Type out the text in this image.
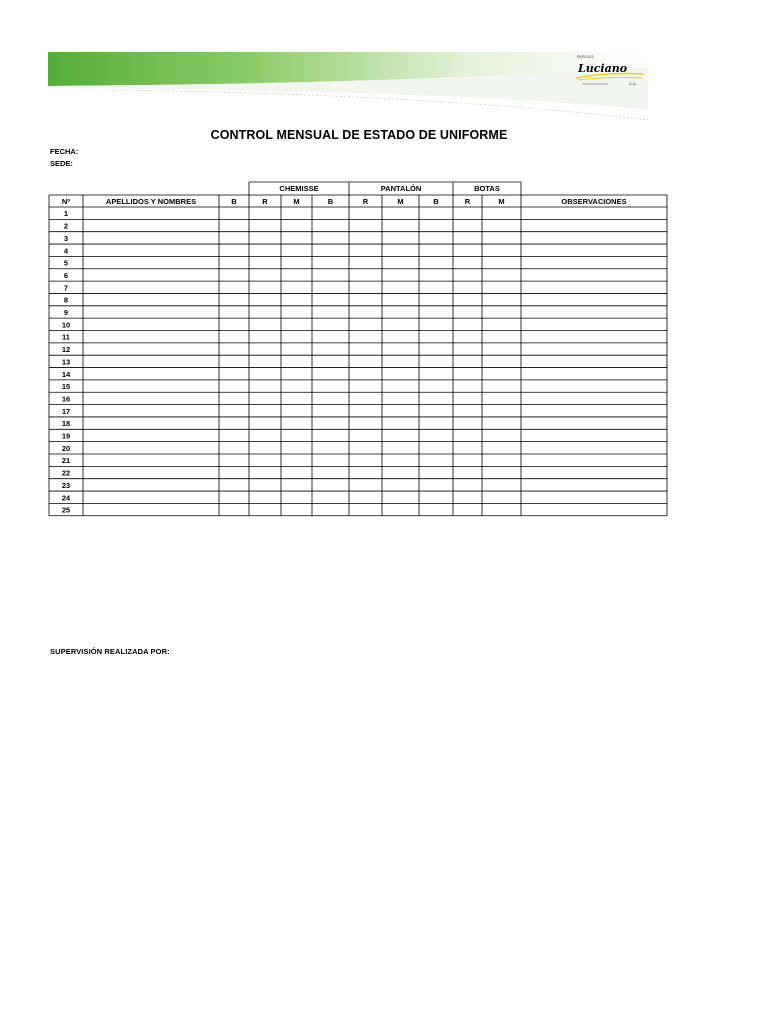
PAPELES
Luciano
C.A.
CONTROL MENSUAL DE ESTADO DE UNIFORME
FECHA:
SEDE:
CHEMISSE	PANTALÓN	BOTAS
Nº	APELLIDOS Y NOMBRES	B	R	M	B	R	M	B	R	M	OBSERVACIONES
1
2
3
4
5
6
7
8
9
10
11
12
13
14
15
16
17
18
19
20
21
22
23
24
25
SUPERVISIÓN REALIZADA POR:
